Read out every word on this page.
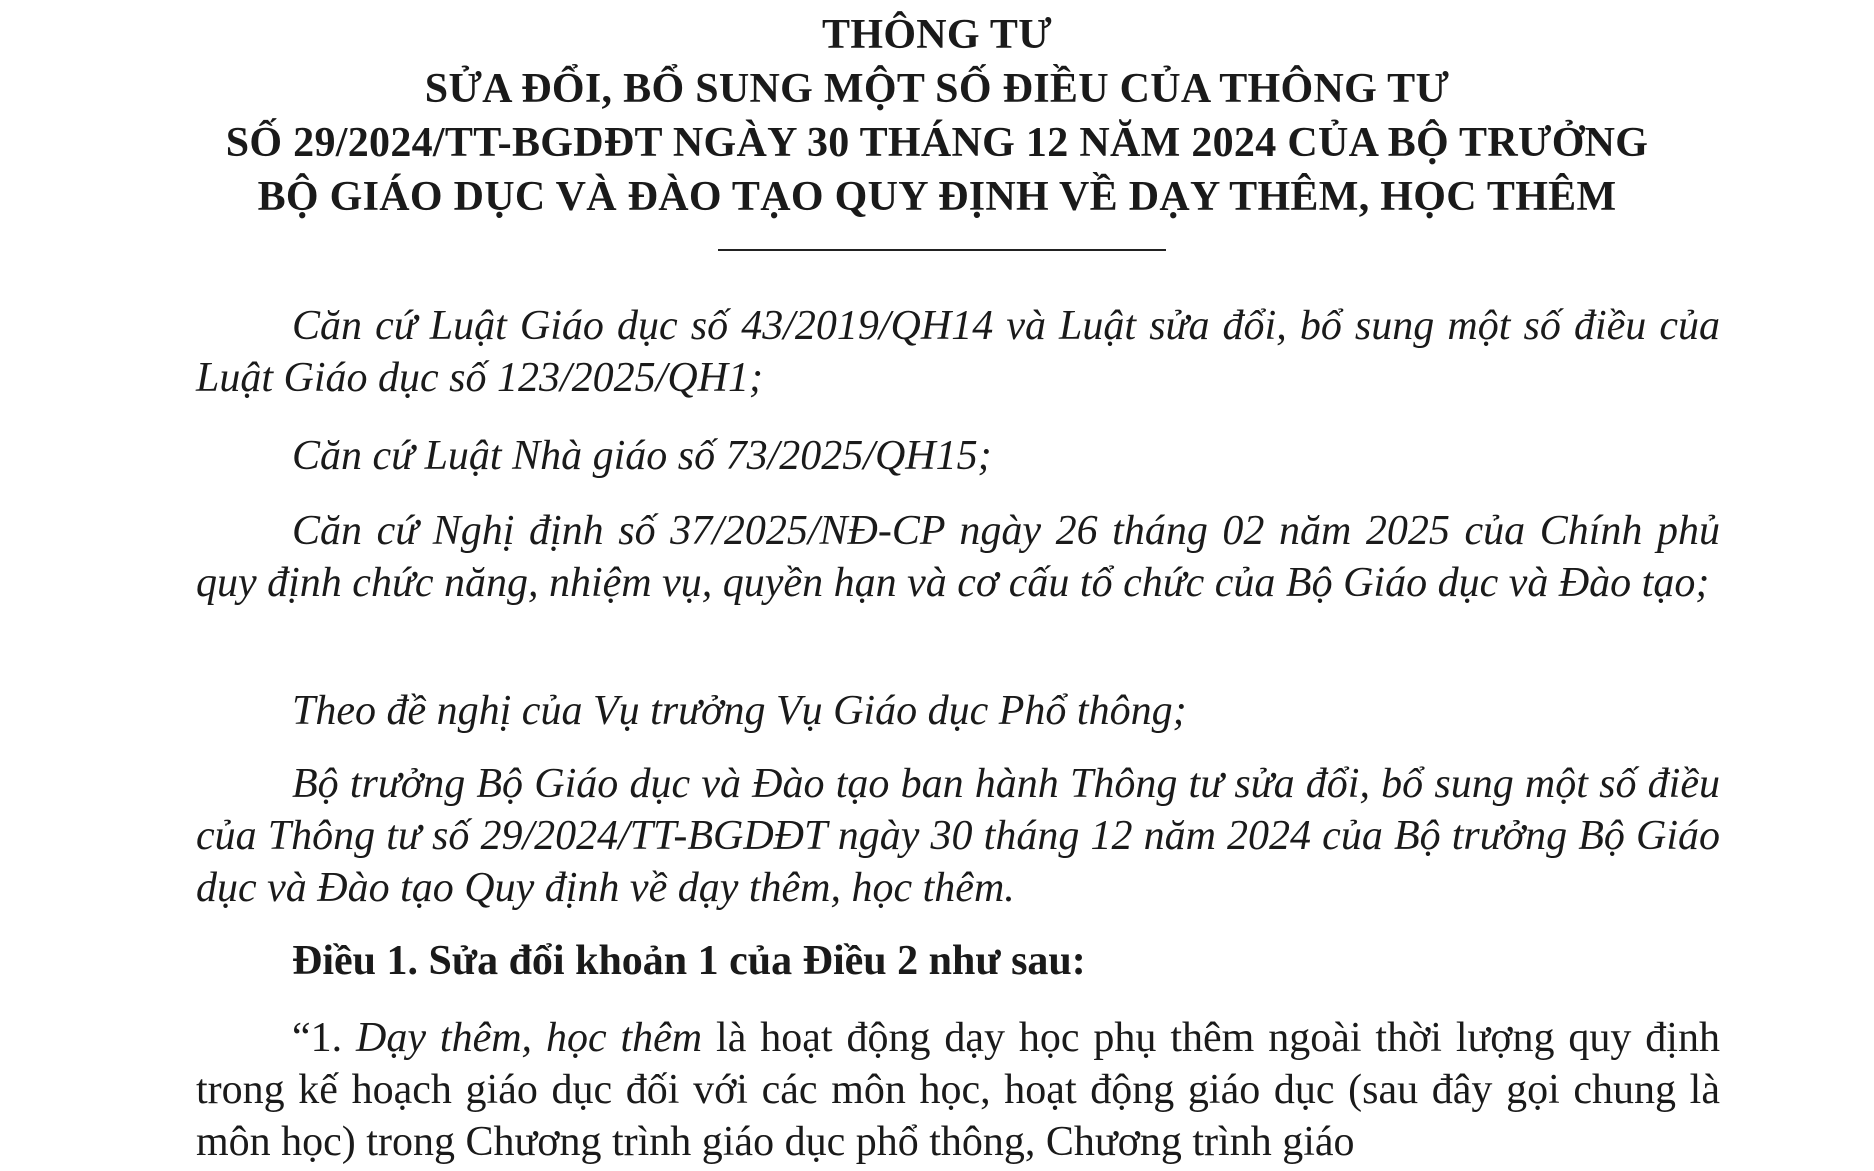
THÔNG TƯ
SỬA ĐỔI, BỔ SUNG MỘT SỐ ĐIỀU CỦA THÔNG TƯ
SỐ 29/2024/TT-BGDĐT NGÀY 30 THÁNG 12 NĂM 2024 CỦA BỘ TRƯỞNG
BỘ GIÁO DỤC VÀ ĐÀO TẠO QUY ĐỊNH VỀ DẠY THÊM, HỌC THÊM

Căn cứ Luật Giáo dục số 43/2019/QH14 và Luật sửa đổi, bổ sung một số điều của Luật Giáo dục số 123/2025/QH1;

Căn cứ Luật Nhà giáo số 73/2025/QH15;

Căn cứ Nghị định số 37/2025/NĐ-CP ngày 26 tháng 02 năm 2025 của Chính phủ quy định chức năng, nhiệm vụ, quyền hạn và cơ cấu tổ chức của Bộ Giáo dục và Đào tạo;

Theo đề nghị của Vụ trưởng Vụ Giáo dục Phổ thông;

Bộ trưởng Bộ Giáo dục và Đào tạo ban hành Thông tư sửa đổi, bổ sung một số điều của Thông tư số 29/2024/TT-BGDĐT ngày 30 tháng 12 năm 2024 của Bộ trưởng Bộ Giáo dục và Đào tạo Quy định về dạy thêm, học thêm.

Điều 1. Sửa đổi khoản 1 của Điều 2 như sau:

“1. Dạy thêm, học thêm là hoạt động dạy học phụ thêm ngoài thời lượng quy định trong kế hoạch giáo dục đối với các môn học, hoạt động giáo dục (sau đây gọi chung là môn học) trong Chương trình giáo dục phổ thông, Chương trình giáo
